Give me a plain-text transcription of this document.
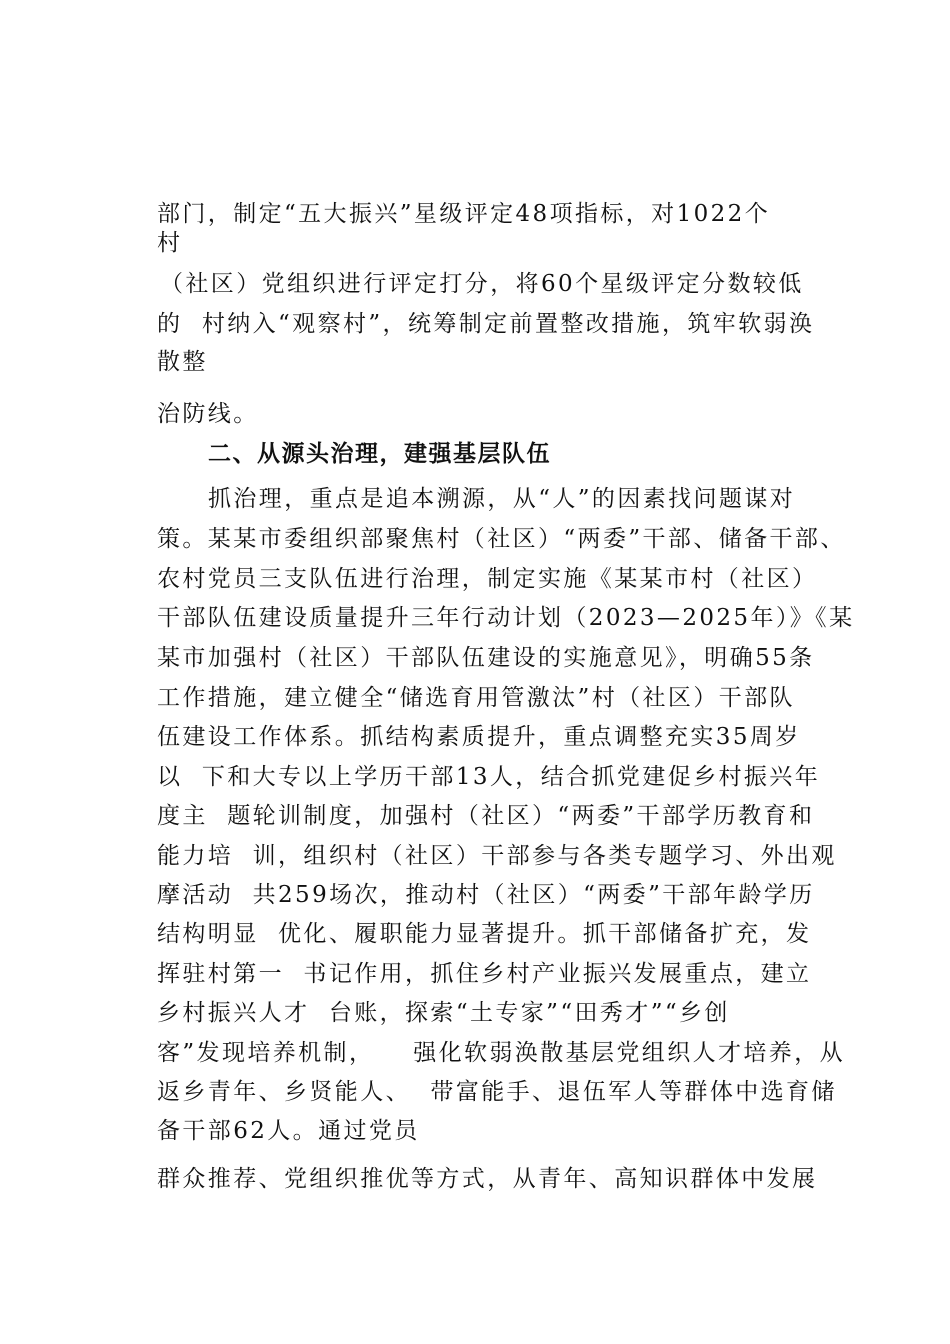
部门，制定“五大振兴”星级评定48项指标，对1022个
村
（社区）党组织进行评定打分，将60个星级评定分数较低
的  村纳入“观察村”，统筹制定前置整改措施，筑牢软弱涣
散整
治防线。
二、从源头治理，建强基层队伍
抓治理，重点是追本溯源，从“人”的因素找问题谋对
策。某某市委组织部聚焦村（社区）“两委”干部、储备干部、
农村党员三支队伍进行治理，制定实施《某某市村（社区）
干部队伍建设质量提升三年行动计划（2023—2025年）》《某
某市加强村（社区）干部队伍建设的实施意见》，明确55条
工作措施，建立健全“储选育用管激汰”村（社区）干部队
伍建设工作体系。抓结构素质提升，重点调整充实35周岁
以  下和大专以上学历干部13人，结合抓党建促乡村振兴年
度主  题轮训制度，加强村（社区）“两委”干部学历教育和
能力培  训，组织村（社区）干部参与各类专题学习、外出观
摩活动  共259场次，推动村（社区）“两委”干部年龄学历
结构明显  优化、履职能力显著提升。抓干部储备扩充，发
挥驻村第一  书记作用，抓住乡村产业振兴发展重点，建立
乡村振兴人才  台账，探索“土专家”“田秀才”“乡创
客”发现培养机制，    强化软弱涣散基层党组织人才培养，从
返乡青年、乡贤能人、  带富能手、退伍军人等群体中选育储
备干部62人。通过党员
群众推荐、党组织推优等方式，从青年、高知识群体中发展
